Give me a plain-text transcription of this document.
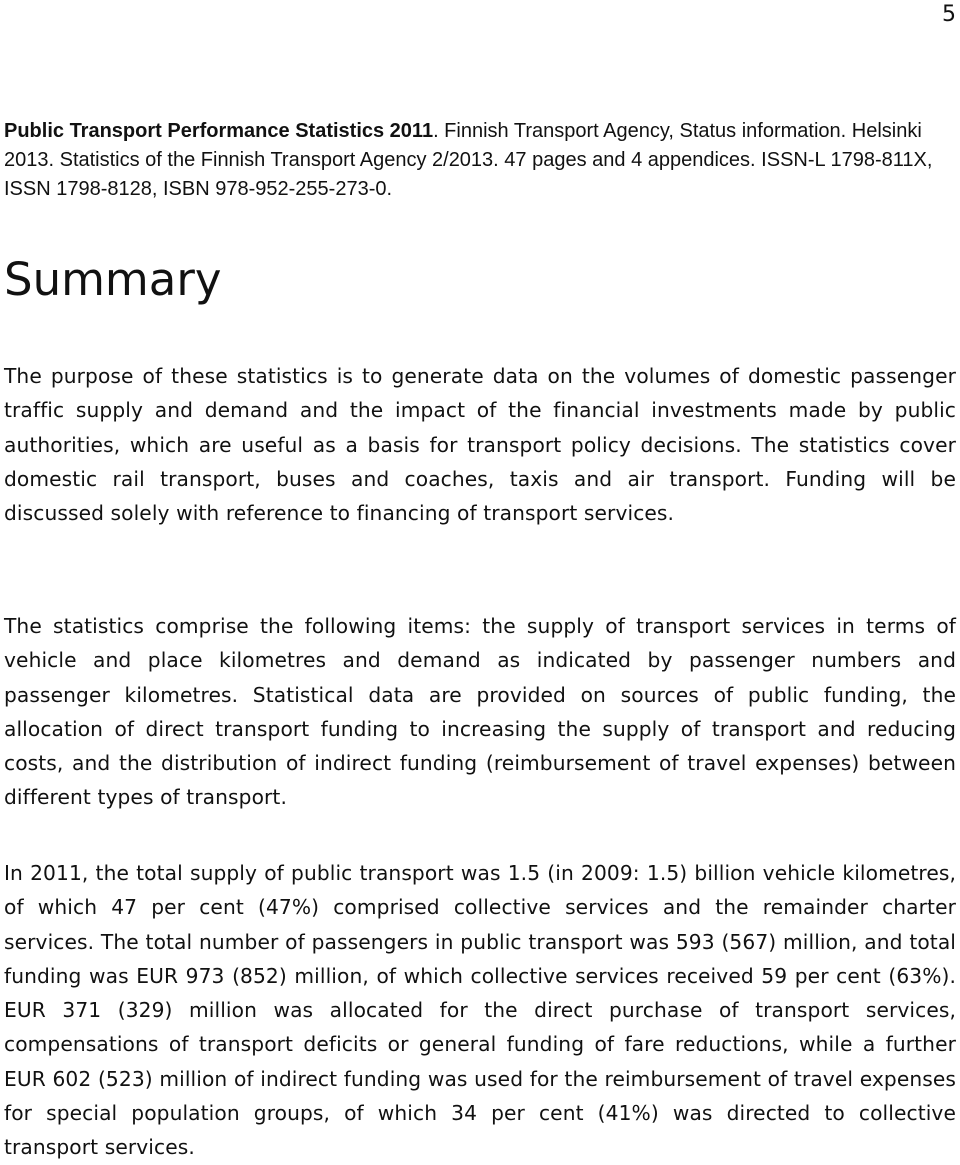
5

Public Transport Performance Statistics 2011. Finnish Transport Agency, Status information. Helsinki 2013. Statistics of the Finnish Transport Agency 2/2013. 47 pages and 4 appendices. ISSN-L 1798-811X, ISSN 1798-8128, ISBN 978-952-255-273-0.

Summary

The purpose of these statistics is to generate data on the volumes of domestic passenger traffic supply and demand and the impact of the financial investments made by public authorities, which are useful as a basis for transport policy decisions. The statistics cover domestic rail transport, buses and coaches, taxis and air transport. Funding will be discussed solely with reference to financing of transport services.

The statistics comprise the following items: the supply of transport services in terms of vehicle and place kilometres and demand as indicated by passenger numbers and passenger kilometres. Statistical data are provided on sources of public funding, the allocation of direct transport funding to increasing the supply of transport and reducing costs, and the distribution of indirect funding (reimbursement of travel expenses) between different types of transport.

In 2011, the total supply of public transport was 1.5 (in 2009: 1.5) billion vehicle kilometres, of which 47 per cent (47%) comprised collective services and the remainder charter services. The total number of passengers in public transport was 593 (567) million, and total funding was EUR 973 (852) million, of which collective services received 59 per cent (63%). EUR 371 (329) million was allocated for the direct purchase of transport services, compensations of transport deficits or general funding of fare reductions, while a further EUR 602 (523) million of indirect funding was used for the reimbursement of travel expenses for special population groups, of which 34 per cent (41%) was directed to collective transport services.
